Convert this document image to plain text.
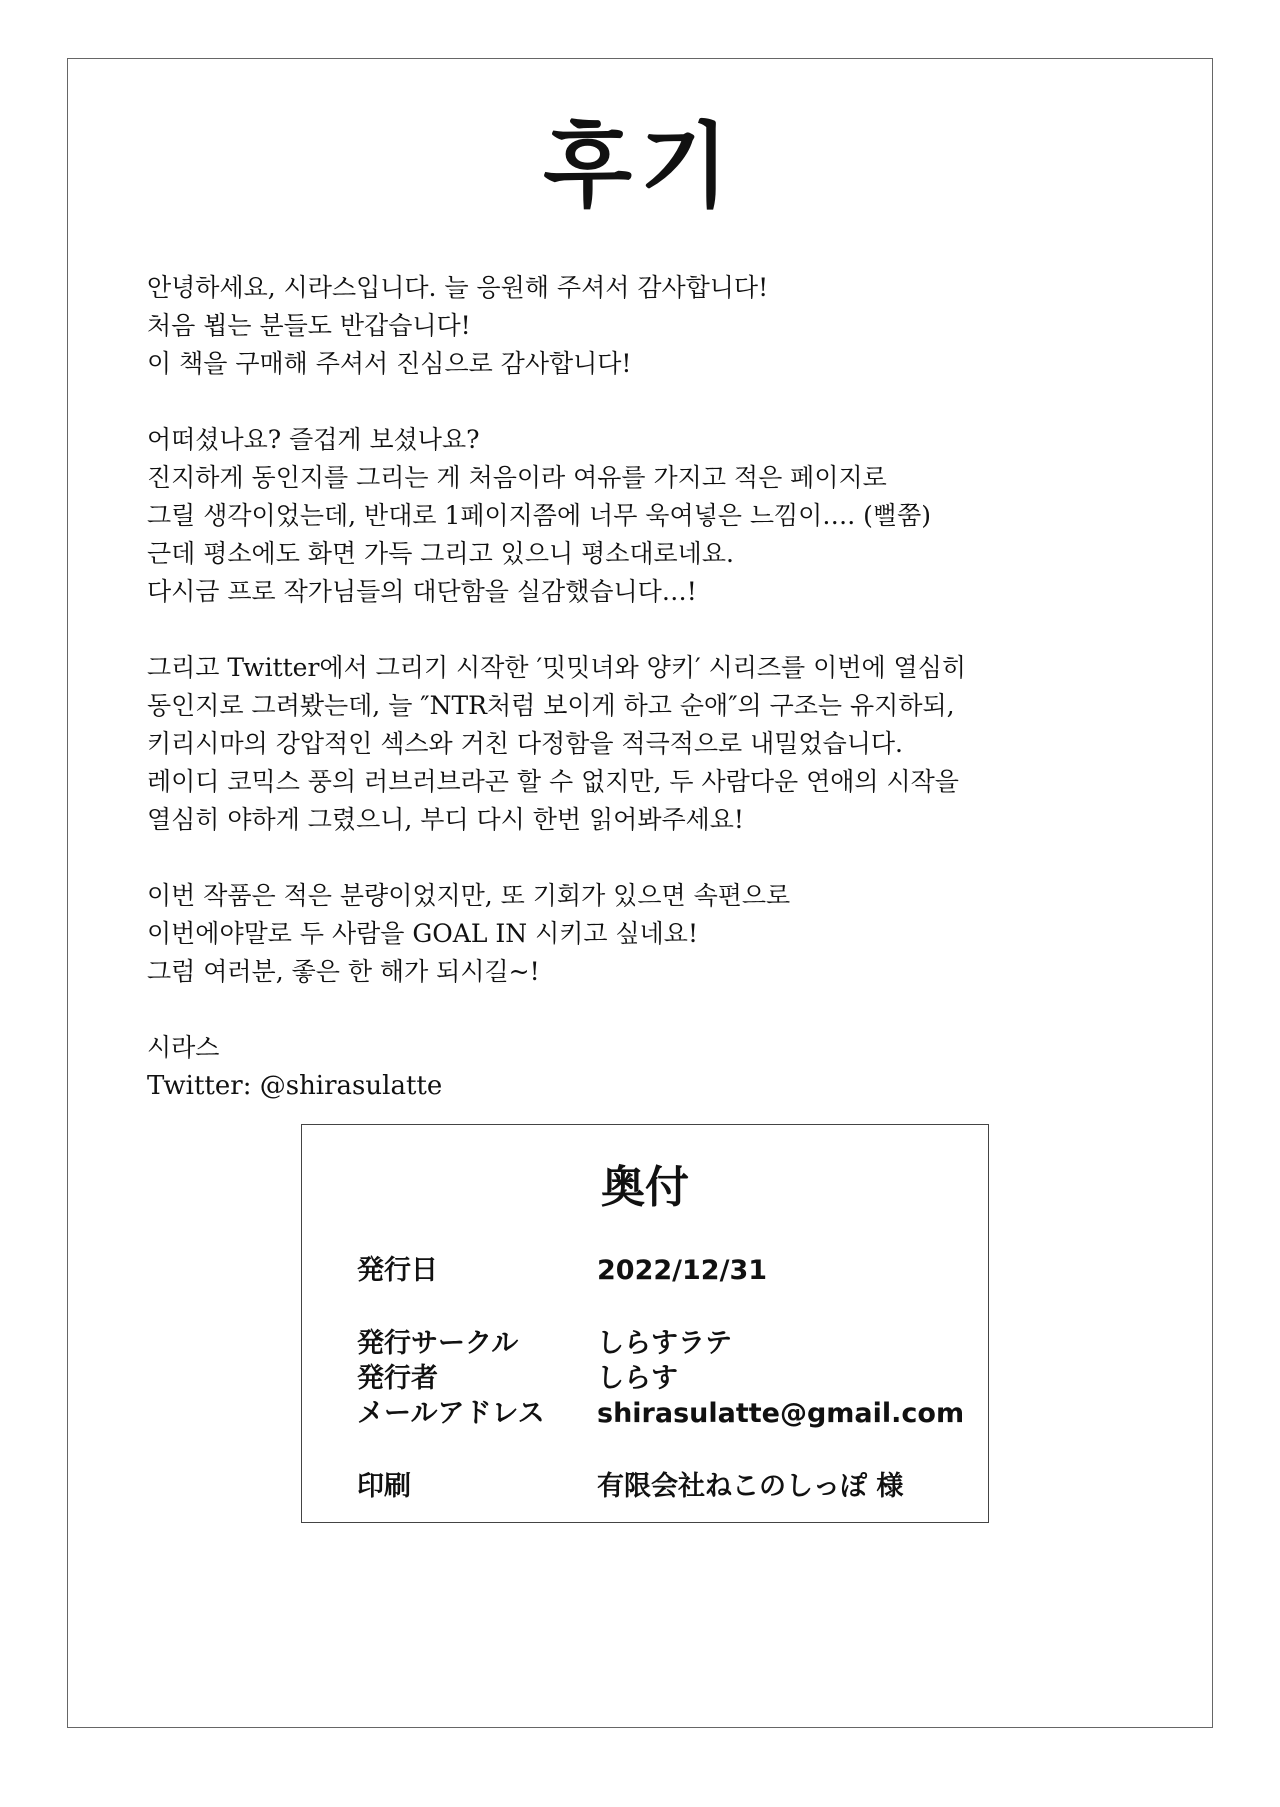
후기
안녕하세요, 시라스입니다. 늘 응원해 주셔서 감사합니다!
처음 뵙는 분들도 반갑습니다!
이 책을 구매해 주셔서 진심으로 감사합니다!
어떠셨나요? 즐겁게 보셨나요?
진지하게 동인지를 그리는 게 처음이라 여유를 가지고 적은 페이지로
그릴 생각이었는데, 반대로 1페이지쯤에 너무 욱여넣은 느낌이…. (뻘쭘)
근데 평소에도 화면 가득 그리고 있으니 평소대로네요.
다시금 프로 작가님들의 대단함을 실감했습니다…!
그리고 Twitter에서 그리기 시작한 ′밋밋녀와 양키′ 시리즈를 이번에 열심히
동인지로 그려봤는데, 늘 ″NTR처럼 보이게 하고 순애″의 구조는 유지하되,
키리시마의 강압적인 섹스와 거친 다정함을 적극적으로 내밀었습니다.
레이디 코믹스 풍의 러브러브라곤 할 수 없지만, 두 사람다운 연애의 시작을
열심히 야하게 그렸으니, 부디 다시 한번 읽어봐주세요!
이번 작품은 적은 분량이었지만, 또 기회가 있으면 속편으로
이번에야말로 두 사람을 GOAL IN 시키고 싶네요!
그럼 여러분, 좋은 한 해가 되시길~!
시라스
Twitter: @shirasulatte
奥付
発行日	2022/12/31
発行サークル	しらすラテ
発行者	しらす
メールアドレス shirasulatte@gmail.com
印刷	有限会社ねこのしっぽ 様
